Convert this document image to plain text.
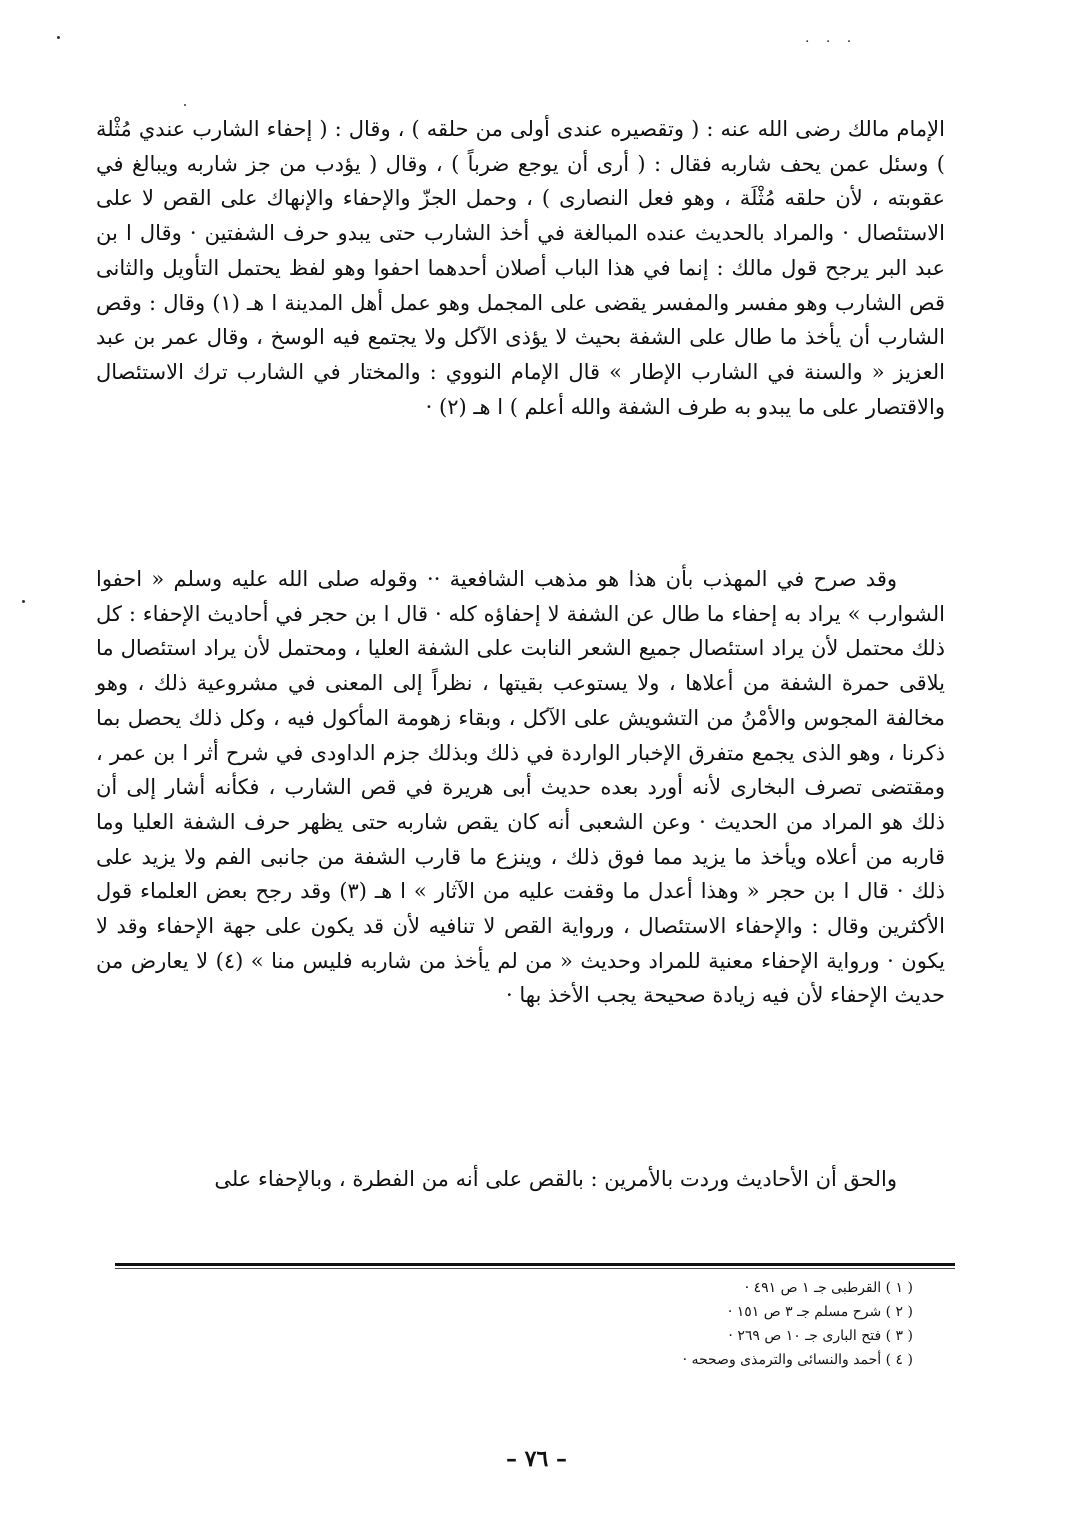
. . .

الإمام مالك رضى الله عنه : ( وتقصيره عندى أولى من حلقه ) ، وقال : ( إحفاء الشارب عندي مُثْلة ) وسئل عمن يحف شاربه فقال : ( أرى أن يوجع ضرباً ) ، وقال ( يؤدب من جز شاربه ويبالغ في عقوبته ، لأن حلقه مُثْلَة ، وهو فعل النصارى ) ، وحمل الجزّ والإحفاء والإنهاك على القص لا على الاستئصال · والمراد بالحديث عنده المبالغة في أخذ الشارب حتى يبدو حرف الشفتين · وقال ا بن عبد البر يرجح قول مالك : إنما في هذا الباب أصلان أحدهما احفوا وهو لفظ يحتمل التأويل والثانى قص الشارب وهو مفسر والمفسر يقضى على المجمل وهو عمل أهل المدينة ا هـ (١) وقال : وقص الشارب أن يأخذ ما طال على الشفة بحيث لا يؤذى الآكل ولا يجتمع فيه الوسخ ، وقال عمر بن عبد العزيز « والسنة في الشارب الإطار » قال الإمام النووي : والمختار في الشارب ترك الاستئصال والاقتصار على ما يبدو به طرف الشفة والله أعلم ) ا هـ (٢) ·

وقد صرح في المهذب بأن هذا هو مذهب الشافعية ·· وقوله صلى الله عليه وسلم « احفوا الشوارب » يراد به إحفاء ما طال عن الشفة لا إحفاؤه كله · قال ا بن حجر في أحاديث الإحفاء : كل ذلك محتمل لأن يراد استئصال جميع الشعر النابت على الشفة العليا ، ومحتمل لأن يراد استئصال ما يلاقى حمرة الشفة من أعلاها ، ولا يستوعب بقيتها ، نظراً إلى المعنى في مشروعية ذلك ، وهو مخالفة المجوس والأمْنُ من التشويش على الآكل ، وبقاء زهومة المأكول فيه ، وكل ذلك يحصل بما ذكرنا ، وهو الذى يجمع متفرق الإخبار الواردة في ذلك وبذلك جزم الداودى في شرح أثر ا بن عمر ، ومقتضى تصرف البخارى لأنه أورد بعده حديث أبى هريرة في قص الشارب ، فكأنه أشار إلى أن ذلك هو المراد من الحديث · وعن الشعبى أنه كان يقص شاربه حتى يظهر حرف الشفة العليا وما قاربه من أعلاه ويأخذ ما يزيد مما فوق ذلك ، وينزع ما قارب الشفة من جانبى الفم ولا يزيد على ذلك · قال ا بن حجر « وهذا أعدل ما وقفت عليه من الآثار » ا هـ (٣) وقد رجح بعض العلماء قول الأكثرين وقال : والإحفاء الاستئصال ، ورواية القص لا تنافيه لأن قد يكون على جهة الإحفاء وقد لا يكون · ورواية الإحفاء معنية للمراد وحديث « من لم يأخذ من شاربه فليس منا » (٤) لا يعارض من حديث الإحفاء لأن فيه زيادة صحيحة يجب الأخذ بها ·

والحق أن الأحاديث وردت بالأمرين : بالقص على أنه من الفطرة ، وبالإحفاء على

( ١ ) القرطبى جـ ١ ص ٤٩١ ·

( ٢ ) شرح مسلم جـ ٣ ص ١٥١ ·

( ٣ ) فتح البارى جـ ١٠ ص ٢٦٩ ·

( ٤ ) أحمد والنسائى والترمذى وصححه ·

– ٧٦ –
